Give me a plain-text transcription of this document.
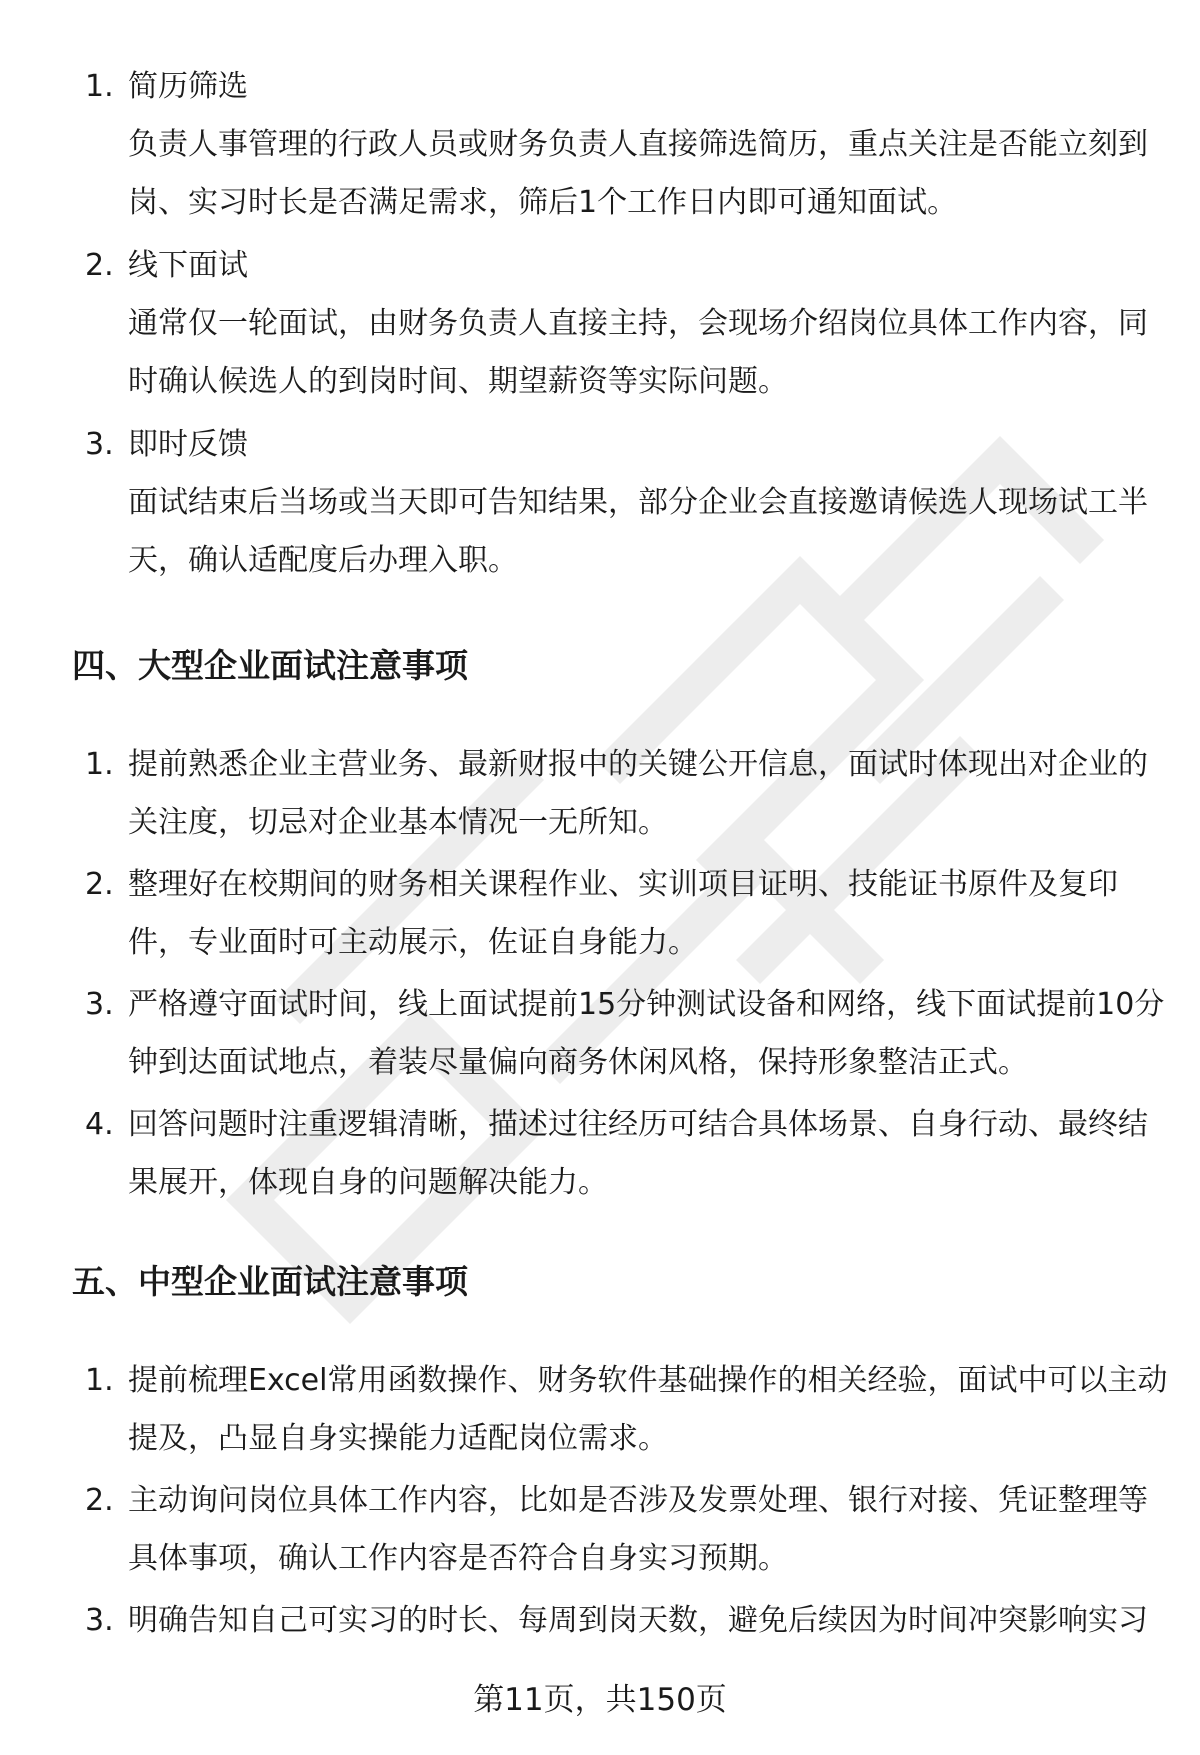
1. 简历筛选
负责人事管理的行政人员或财务负责人直接筛选简历，重点关注是否能立刻到
岗、实习时长是否满足需求，筛后1个工作日内即可通知面试。
2. 线下面试
通常仅一轮面试，由财务负责人直接主持，会现场介绍岗位具体工作内容，同
时确认候选人的到岗时间、期望薪资等实际问题。
3. 即时反馈
面试结束后当场或当天即可告知结果，部分企业会直接邀请候选人现场试工半
天，确认适配度后办理入职。
四、大型企业面试注意事项
1. 提前熟悉企业主营业务、最新财报中的关键公开信息，面试时体现出对企业的
关注度，切忌对企业基本情况一无所知。
2. 整理好在校期间的财务相关课程作业、实训项目证明、技能证书原件及复印
件，专业面时可主动展示，佐证自身能力。
3. 严格遵守面试时间，线上面试提前15分钟测试设备和网络，线下面试提前10分
钟到达面试地点，着装尽量偏向商务休闲风格，保持形象整洁正式。
4. 回答问题时注重逻辑清晰，描述过往经历可结合具体场景、自身行动、最终结
果展开，体现自身的问题解决能力。
五、中型企业面试注意事项
1. 提前梳理Excel常用函数操作、财务软件基础操作的相关经验，面试中可以主动
提及，凸显自身实操能力适配岗位需求。
2. 主动询问岗位具体工作内容，比如是否涉及发票处理、银行对接、凭证整理等
具体事项，确认工作内容是否符合自身实习预期。
3. 明确告知自己可实习的时长、每周到岗天数，避免后续因为时间冲突影响实习
第11页，共150页
